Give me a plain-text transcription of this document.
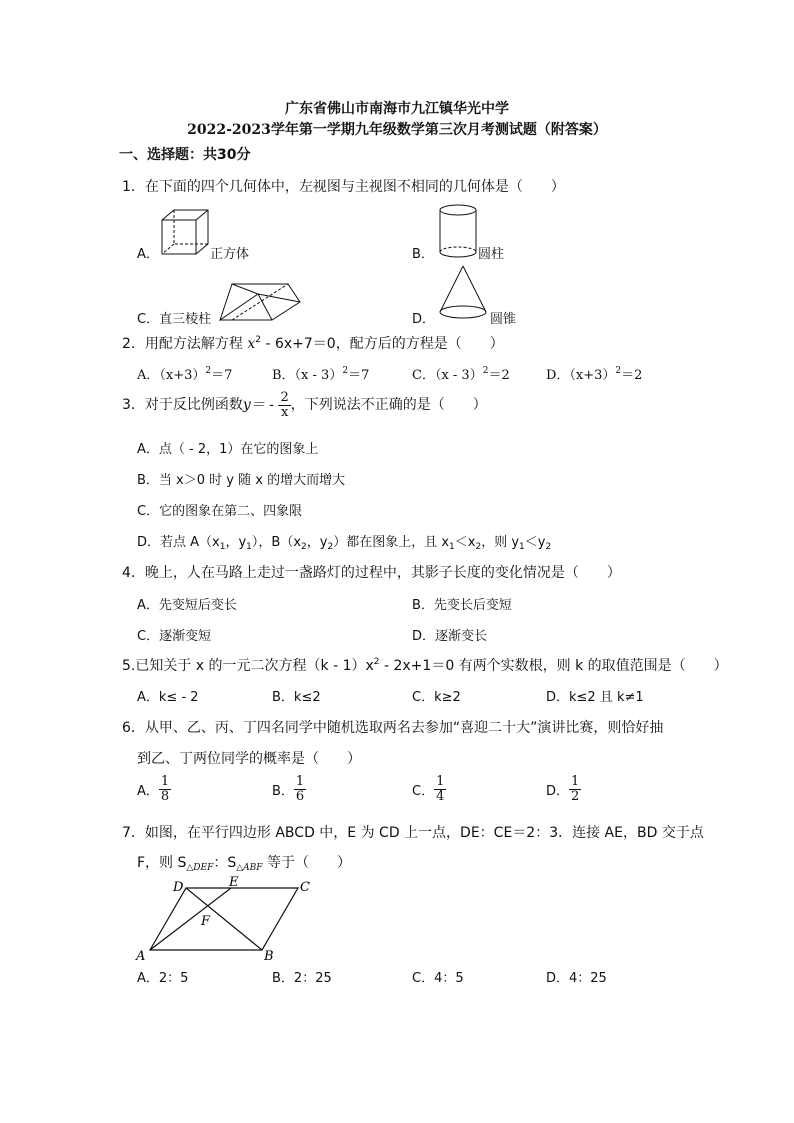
广东省佛山市南海市九江镇华光中学
2022-2023学年第一学期九年级数学第三次月考测试题（附答案）
一、选择题：共30分
1．在下面的四个几何体中，左视图与主视图不相同的几何体是（　　）
A．	正方体	B．	圆柱
C．直三棱柱	D．	圆锥
2．用配方法解方程 $x^2 - 6x+7=0$，配方后的方程是（　　）
A．$(x+3)^2=7$	B．（x - 3）$^2$＝7	C．（x - 3）$^2$＝2	D．$(x+3)^2=2$
3．对于反比例函数$y= - \frac{2}{x}$ ，下列说法不正确的是（　　）
A．点（ - 2，1）在它的图象上
B．当 x＞0 时 y 随 x 的增大而增大
C．它的图象在第二、四象限
D．若点 $A(x_1$，$y_1$），$B(x_2$，$y_2$）都在图象上，且 $x_1<x_2$，则 $y_1<y_2$
4．晚上，人在马路上走过一盏路灯的过程中，其影子长度的变化情况是（　　）
A．先变短后变长	B．先变长后变短
C．逐渐变短	D．逐渐变长
5.已知关于 x 的一元二次方程$(k - 1)x^2 - 2x+1=0$ 有两个实数根，则 k 的取值范围是（　　）
A．k≤ - 2	B．k≤2	C．k≥2	D．k≤2 且 k≠1
6．从甲、乙、丙、丁四名同学中随机选取两名去参加“喜迎二十大”演讲比赛，则恰好抽
到乙、丁两位同学的概率是（　　）
A． $\frac{1}{8}$	B． $\frac{1}{6}$	C． $\frac{1}{4}$	D． $\frac{1}{2}$
7．如图，在平行四边形 ABCD 中，E 为 CD 上一点，DE：CE＝2：3．连接 AE，BD 交于点
F，则 $S_{\triangle DEF}$：$S_{\triangle ABF}$ 等于（　　）
D	E	C
F
A	B
A．2：5	B．2：25	C．4：5	D．4：25
